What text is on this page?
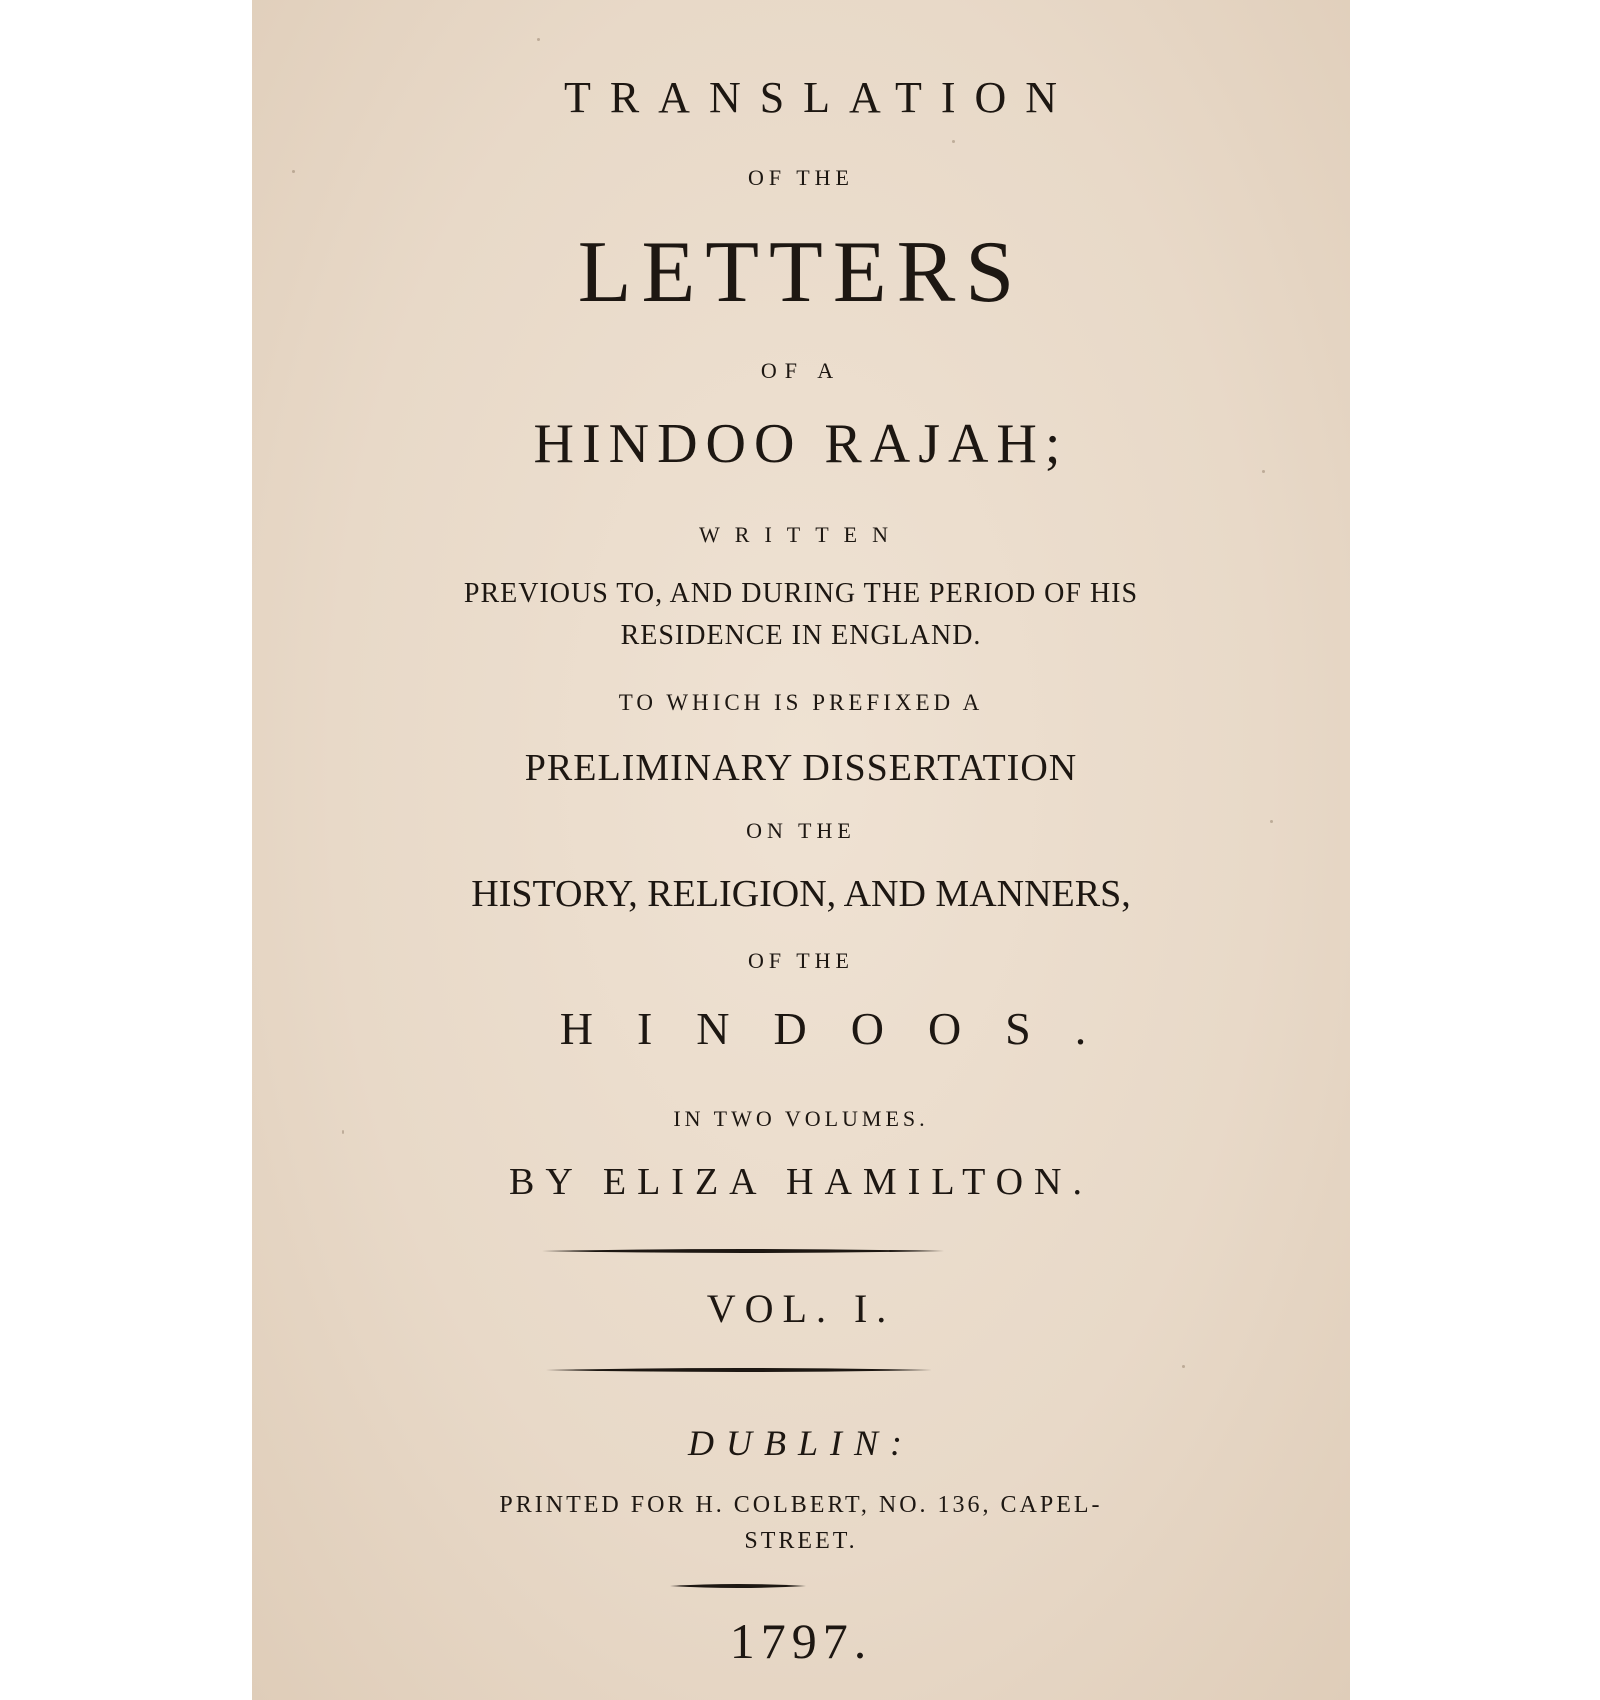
TRANSLATION
OF THE
LETTERS
OF A
HINDOO RAJAH;
WRITTEN
PREVIOUS TO, AND DURING THE PERIOD OF HIS
RESIDENCE IN ENGLAND.
TO WHICH IS PREFIXED A
PRELIMINARY DISSERTATION
ON THE
HISTORY, RELIGION, AND MANNERS,
OF THE
HINDOOS.
IN TWO VOLUMES.
BY ELIZA HAMILTON.
VOL. I.
DUBLIN:
PRINTED FOR H. COLBERT, NO. 136, CAPEL-
STREET.
1797.
